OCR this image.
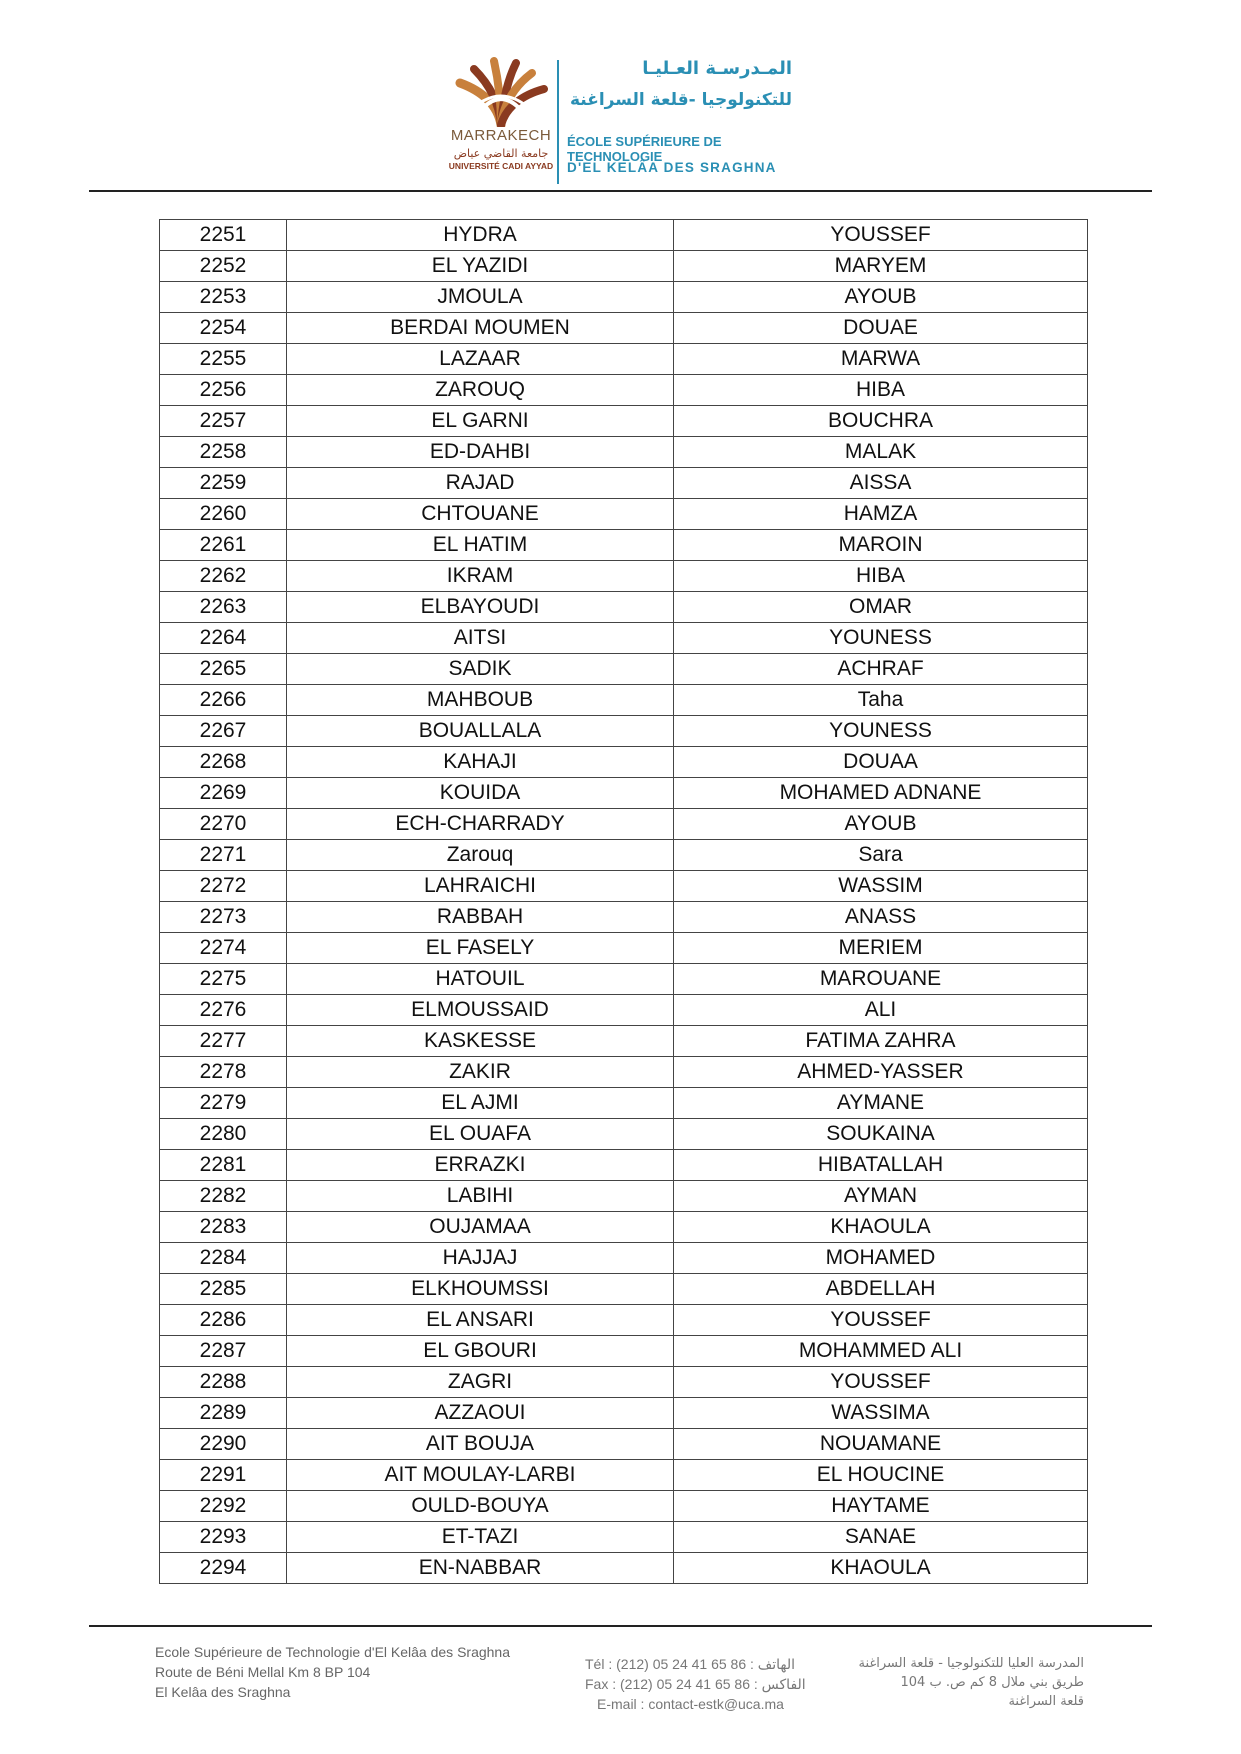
MARRAKECH
جامعة القاضي عياض
UNIVERSITÉ CADI AYYAD
المـدرسـة العـليـا
للتكنولوجيا -قلعة السراغنة
ÉCOLE SUPÉRIEURE DE TECHNOLOGIE
D'EL KELÂA DES SRAGHNA
2251	HYDRA	YOUSSEF
2252	EL YAZIDI	MARYEM
2253	JMOULA	AYOUB
2254	BERDAI MOUMEN	DOUAE
2255	LAZAAR	MARWA
2256	ZAROUQ	HIBA
2257	EL GARNI	BOUCHRA
2258	ED-DAHBI	MALAK
2259	RAJAD	AISSA
2260	CHTOUANE	HAMZA
2261	EL HATIM	MAROIN
2262	IKRAM	HIBA
2263	ELBAYOUDI	OMAR
2264	AITSI	YOUNESS
2265	SADIK	ACHRAF
2266	MAHBOUB	Taha
2267	BOUALLALA	YOUNESS
2268	KAHAJI	DOUAA
2269	KOUIDA	MOHAMED ADNANE
2270	ECH-CHARRADY	AYOUB
2271	Zarouq	Sara
2272	LAHRAICHI	WASSIM
2273	RABBAH	ANASS
2274	EL FASELY	MERIEM
2275	HATOUIL	MAROUANE
2276	ELMOUSSAID	ALI
2277	KASKESSE	FATIMA ZAHRA
2278	ZAKIR	AHMED-YASSER
2279	EL AJMI	AYMANE
2280	EL OUAFA	SOUKAINA
2281	ERRAZKI	HIBATALLAH
2282	LABIHI	AYMAN
2283	OUJAMAA	KHAOULA
2284	HAJJAJ	MOHAMED
2285	ELKHOUMSSI	ABDELLAH
2286	EL ANSARI	YOUSSEF
2287	EL GBOURI	MOHAMMED ALI
2288	ZAGRI	YOUSSEF
2289	AZZAOUI	WASSIMA
2290	AIT BOUJA	NOUAMANE
2291	AIT MOULAY-LARBI	EL HOUCINE
2292	OULD-BOUYA	HAYTAME
2293	ET-TAZI	SANAE
2294	EN-NABBAR	KHAOULA
Ecole Supérieure de Technologie d'El Kelâa des Sraghna
Route de Béni Mellal Km 8 BP 104
El Kelâa des Sraghna
Tél : (212) 05 24 41 65 86 : الهاتف
Fax : (212) 05 24 41 65 86 : الفاكس
E-mail : contact-estk@uca.ma
المدرسة العليا للتكنولوجيا - قلعة السراغنة
طريق بني ملال 8 كم ص. ب 104
قلعة السراغنة
